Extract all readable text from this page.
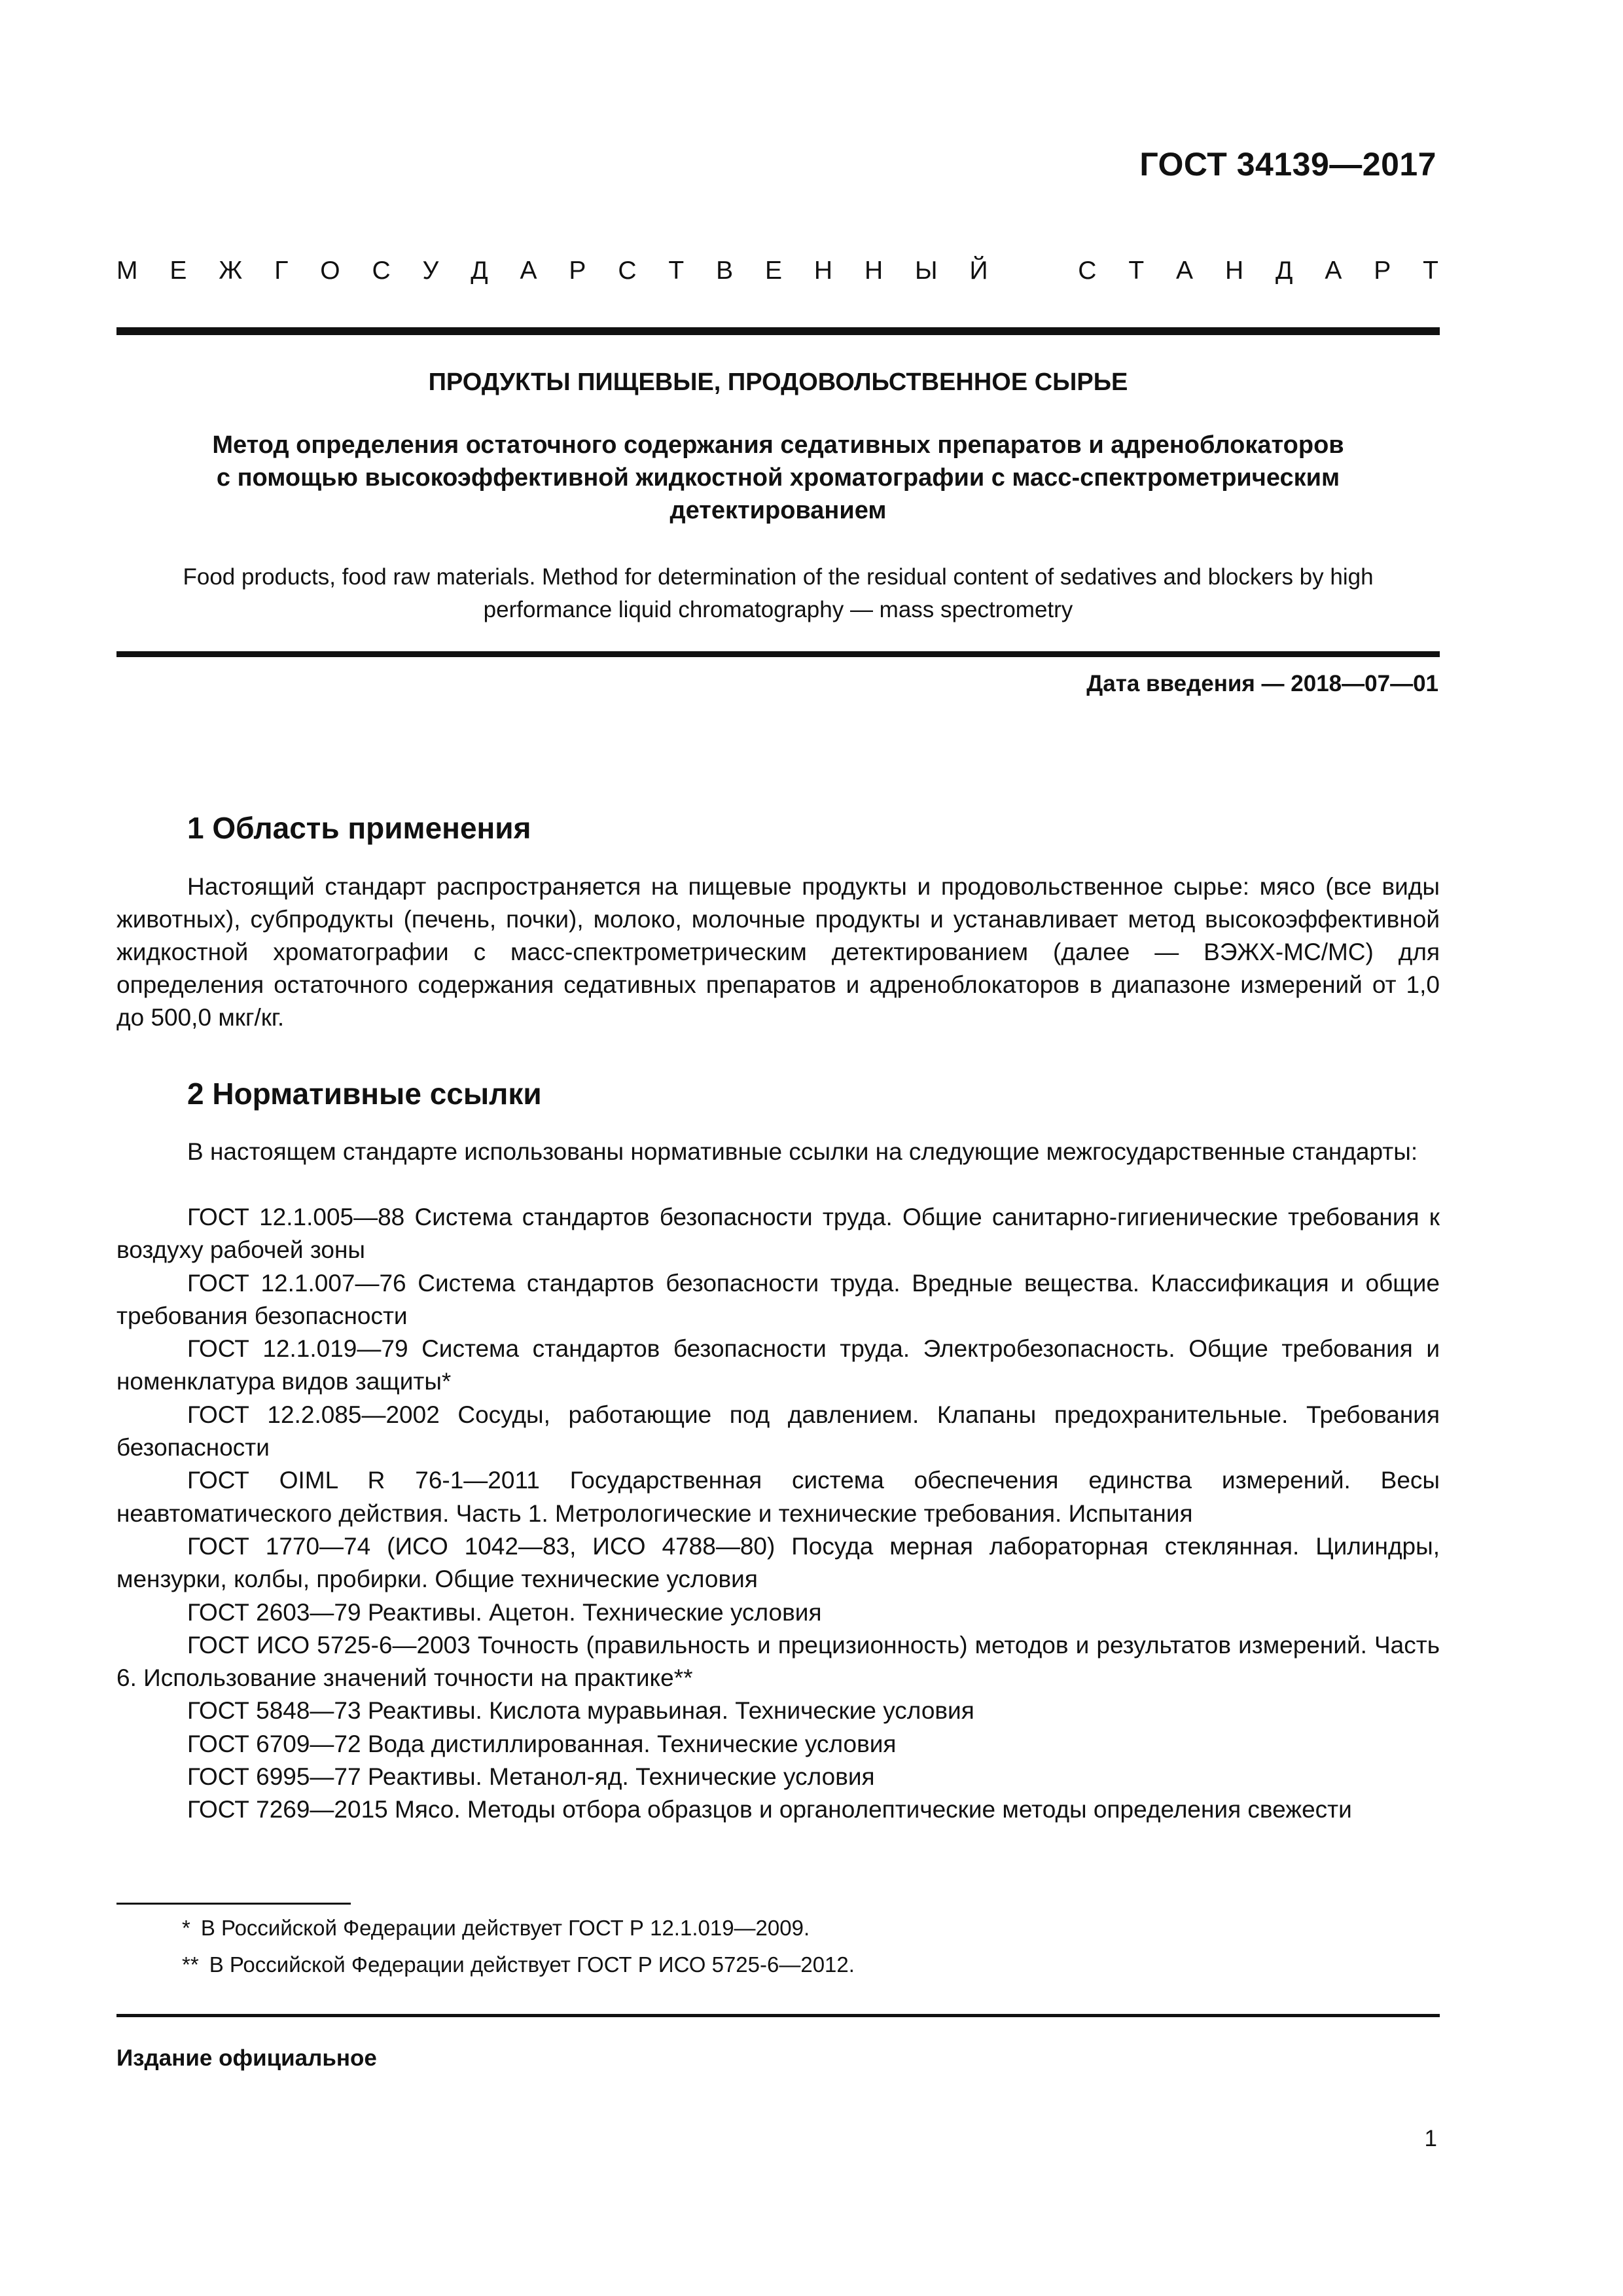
ГОСТ 34139—2017
М Е Ж Г О С У Д А Р С Т В Е Н Н Ы Й	С Т А Н Д А Р Т
ПРОДУКТЫ ПИЩЕВЫЕ, ПРОДОВОЛЬСТВЕННОЕ СЫРЬЕ
Метод определения остаточного содержания седативных препаратов и адреноблокаторов
с помощью высокоэффективной жидкостной хроматографии с масс-спектрометрическим
детектированием
Food products, food raw materials. Method for determination of the residual content of sedatives and blockers by high
performance liquid chromatography — mass spectrometry
Дата введения — 2018—07—01
1 Область применения
Настоящий стандарт распространяется на пищевые продукты и продовольственное сырье: мясо (все виды животных), субпродукты (печень, почки), молоко, молочные продукты и устанавливает метод высокоэффективной жидкостной хроматографии с масс-спектрометрическим детектированием (далее — ВЭЖХ-МС/МС) для определения остаточного содержания седативных препаратов и адреноблокаторов в диапазоне измерений от 1,0 до 500,0 мкг/кг.
2 Нормативные ссылки
В настоящем стандарте использованы нормативные ссылки на следующие межгосударственные стандарты:

ГОСТ 12.1.005—88 Система стандартов безопасности труда. Общие санитарно-гигиенические требования к воздуху рабочей зоны

ГОСТ 12.1.007—76 Система стандартов безопасности труда. Вредные вещества. Классификация и общие требования безопасности

ГОСТ 12.1.019—79 Система стандартов безопасности труда. Электробезопасность. Общие требования и номенклатура видов защиты*

ГОСТ 12.2.085—2002 Сосуды, работающие под давлением. Клапаны предохранительные. Требования безопасности

ГОСТ OIML R 76-1—2011 Государственная система обеспечения единства измерений. Весы неавтоматического действия. Часть 1. Метрологические и технические требования. Испытания

ГОСТ 1770—74 (ИСО 1042—83, ИСО 4788—80) Посуда мерная лабораторная стеклянная. Цилиндры, мензурки, колбы, пробирки. Общие технические условия

ГОСТ 2603—79 Реактивы. Ацетон. Технические условия

ГОСТ ИСО 5725-6—2003 Точность (правильность и прецизионность) методов и результатов измерений. Часть 6. Использование значений точности на практике**

ГОСТ 5848—73 Реактивы. Кислота муравьиная. Технические условия

ГОСТ 6709—72 Вода дистиллированная. Технические условия

ГОСТ 6995—77 Реактивы. Метанол-яд. Технические условия

ГОСТ 7269—2015 Мясо. Методы отбора образцов и органолептические методы определения свежести

* В Российской Федерации действует ГОСТ Р 12.1.019—2009.

** В Российской Федерации действует ГОСТ Р ИСО 5725-6—2012.

Издание официальное
1
